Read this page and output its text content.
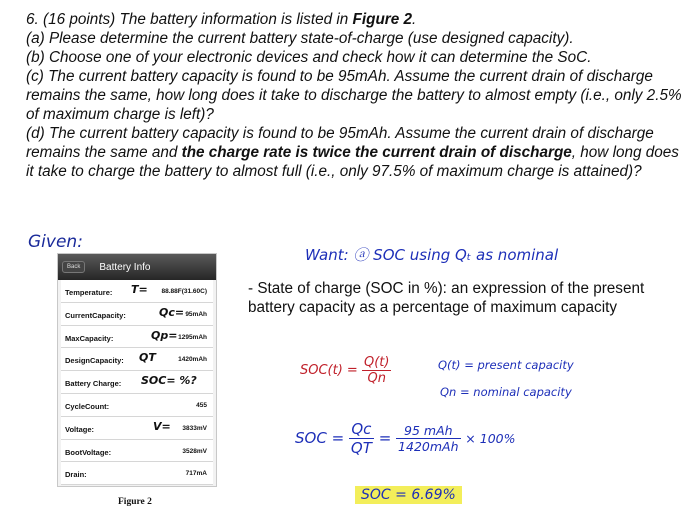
6. (16 points) The battery information is listed in Figure 2.

(a) Please determine the current battery state-of-charge (use designed capacity).

(b) Choose one of your electronic devices and check how it can determine the SoC.

(c) The current battery capacity is found to be 95mAh. Assume the current drain of discharge remains the same, how long does it take to discharge the battery to almost empty (i.e., only 2.5% of maximum charge is left)?

(d) The current battery capacity is found to be 95mAh. Assume the current drain of discharge remains the same and the charge rate is twice the current drain of discharge, how long does it take to charge the battery to almost full (i.e., only 97.5% of maximum charge is attained)?

Given:
Back	Battery Info
Temperature: T= 88.88F(31.60C)
CurrentCapacity:	Qc= 95mAh
MaxCapacity:	Qp= 1295mAh
DesignCapacity: QT	1420mAh
Battery Charge: SOC= %?
CycleCount:	455
Voltage:	V= 3833mV
BootVoltage:	3528mV
Drain:	717mA
Figure 2
Want: ⓐ SOC using Qₜ as nominal
- State of charge (SOC in %): an expression of the present battery capacity as a percentage of maximum capacity
$SOC(t) = \frac{Q(t)}{Qn}$	Q(t) = present capacity
Qn = nominal capacity
SOC = $\frac{Qc}{QT} = \frac{\text{95 mAh}}{\text{1420mAh}} \times 100\%$
SOC = 6.69%
